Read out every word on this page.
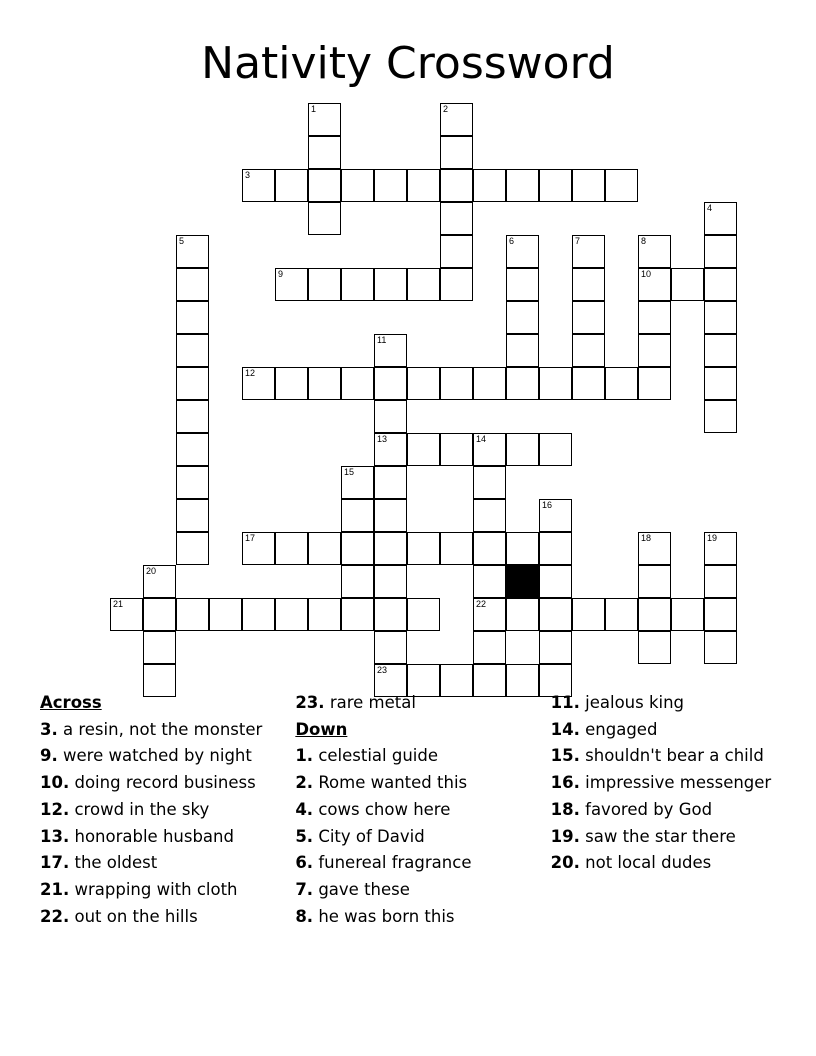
Nativity Crossword
1	2
3
4
5	6	7	8
9	10
11
12
13	14
15
16
17	18	19
20
21	22
23
Across
3. a resin, not the monster
9. were watched by night
10. doing record business
12. crowd in the sky
13. honorable husband
17. the oldest
21. wrapping with cloth
22. out on the hills
23. rare metal
Down
1. celestial guide
2. Rome wanted this
4. cows chow here
5. City of David
6. funereal fragrance
7. gave these
8. he was born this
11. jealous king
14. engaged
15. shouldn't bear a child
16. impressive messenger
18. favored by God
19. saw the star there
20. not local dudes
